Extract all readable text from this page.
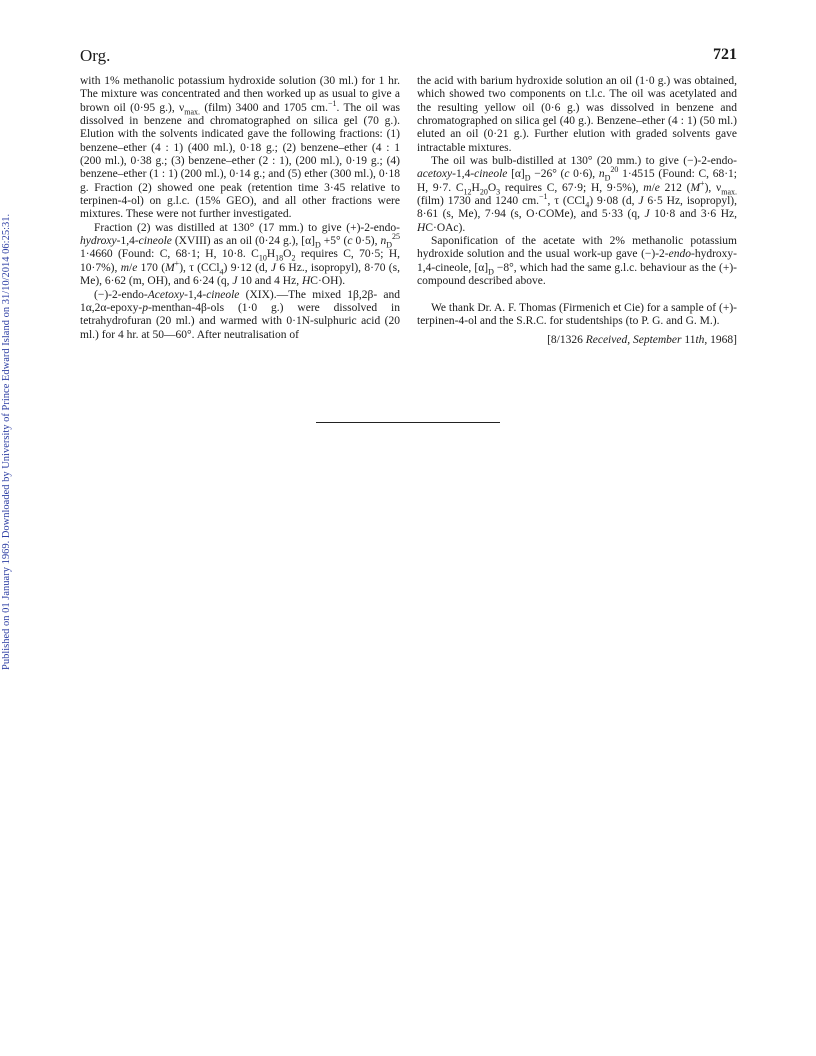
Org.	721
Published on 01 January 1969. Downloaded by University of Prince Edward Island on 31/10/2014 06:25:31.

with 1% methanolic potassium hydroxide solution (30 ml.) for 1 hr. The mixture was concentrated and then worked up as usual to give a brown oil (0·95 g.), $\nu_{max.}$ (film) 3400 and 1705 cm.$^{-1}$. The oil was dissolved in benzene and chromatographed on silica gel (70 g.). Elution with the solvents indicated gave the following fractions: (1) benzene–ether (4 : 1) (400 ml.), 0·18 g.; (2) benzene–ether (4 : 1 (200 ml.), 0·38 g.; (3) benzene–ether (2 : 1), (200 ml.), 0·19 g.; (4) benzene–ether (1 : 1) (200 ml.), 0·14 g.; and (5) ether (300 ml.), 0·18 g. Fraction (2) showed one peak (retention time 3·45 relative to terpinen-4-ol) on g.l.c. (15% GEO), and all other fractions were mixtures. These were not further investigated.

Fraction (2) was distilled at 130° (17 mm.) to give (+)-2-endo-hydroxy-1,4-cineole (XVIII) as an oil (0·24 g.), $[\alpha]_D +5^\circ$ (c 0·5), $n_D^{25}$ 1·4660 (Found: C, 68·1; H, 10·8. $C_{10}H_{18}O_2$ requires C, 70·5; H, 10·7%), m/e 170 (M+), τ (CCl$_4$) 9·12 (d, J 6 Hz., isopropyl), 8·70 (s, Me), 6·62 (m, OH), and 6·24 (q, J 10 and 4 Hz, HC·OH).

(−)-2-endo-Acetoxy-1,4-cineole (XIX).—The mixed 1β,2β- and 1α,2α-epoxy-p-menthan-4β-ols (1·0 g.) were dissolved in tetrahydrofuran (20 ml.) and warmed with 0·1N-sulphuric acid (20 ml.) for 4 hr. at 50—60°. After neutralisation of

the acid with barium hydroxide solution an oil (1·0 g.) was obtained, which showed two components on t.l.c. The oil was acetylated and the resulting yellow oil (0·6 g.) was dissolved in benzene and chromatographed on silica gel (40 g.). Benzene–ether (4 : 1) (50 ml.) eluted an oil (0·21 g.). Further elution with graded solvents gave intractable mixtures.

The oil was bulb-distilled at 130° (20 mm.) to give (−)-2-endo-acetoxy-1,4-cineole $[\alpha]_D -26^\circ$ (c 0·6), $n_D^{20}$ 1·4515 (Found: C, 68·1; H, 9·7. $C_{12}H_{20}O_3$ requires C, 67·9; H, 9·5%), m/e 212 (M+), $\nu_{max.}$ (film) 1730 and 1240 cm.$^{-1}$, τ (CCl$_4$) 9·08 (d, J 6·5 Hz, isopropyl), 8·61 (s, Me), 7·94 (s, O·COMe), and 5·33 (q, J 10·8 and 3·6 Hz, HC·OAc).

Saponification of the acetate with 2% methanolic potassium hydroxide solution and the usual work-up gave (−)-2-endo-hydroxy-1,4-cineole, $[\alpha]_D -8^\circ$, which had the same g.l.c. behaviour as the (+)-compound described above.

We thank Dr. A. F. Thomas (Firmenich et Cie) for a sample of (+)-terpinen-4-ol and the S.R.C. for studentships (to P. G. and G. M.).

[8/1326 Received, September 11th, 1968]
